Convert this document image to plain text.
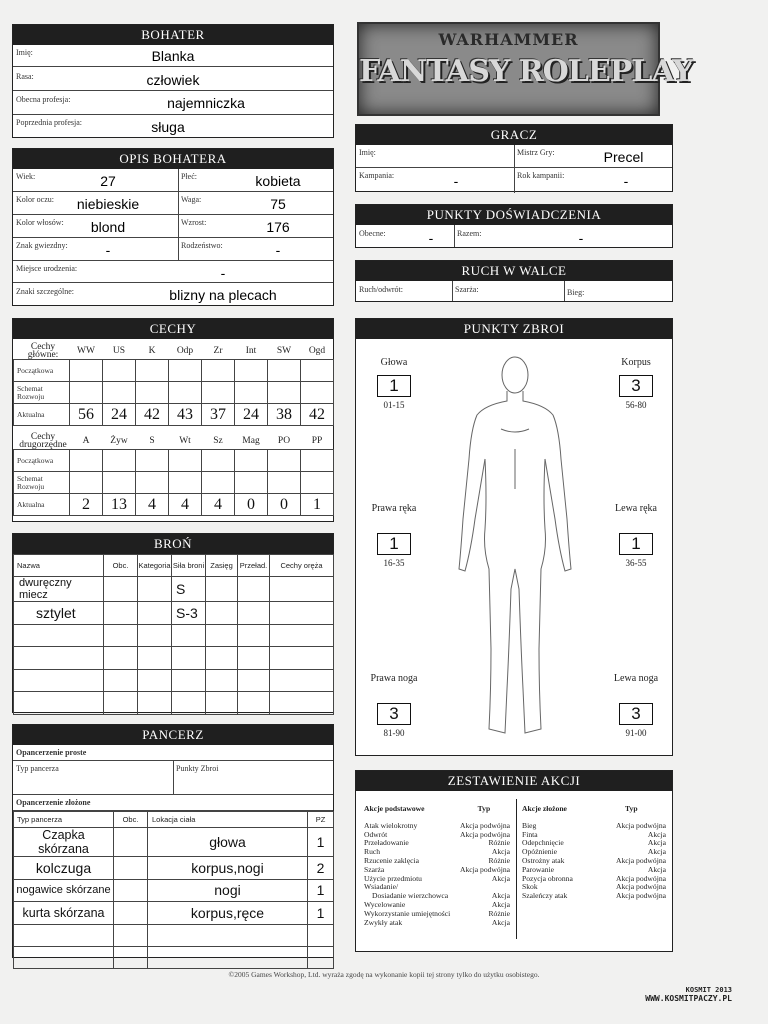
BOHATER
Imię:	Blanka
Rasa:	człowiek
Obecna profesja:	najemniczka
Poprzednia profesja:	sługa
OPIS BOHATERA
Wiek:	27	Płeć:	kobieta
Kolor oczu:	niebieskie	Waga:	75
Kolor włosów:	blond	Wzrost:	176
Znak gwiezdny:	-	Rodzeństwo:	-
Miejsce urodzenia:	-
Znaki szczególne:	blizny na plecach
CECHY
Cechy główne:	WW	US	K	Odp	Zr	Int	SW	Ogd
Początkowa								
Schemat Rozwoju								
Aktualna	56	24	42	43	37	24	38	42
Cechy drugorzędne	A	Żyw	S	Wt	Sz	Mag	PO	PP
Początkowa								
Schemat Rozwoju								
Aktualna	2	13	4	4	4	0	0	1
BROŃ
Nazwa	Obc.	Kategoria	Siła broni	Zasięg	Przeład.	Cechy oręża
dwuręczny miecz			S			
sztylet			S-3			

PANCERZ
Opancerzenie proste
Typ pancerza	Punkty Zbroi
Opancerzenie złożone
Typ pancerza	Obc.	Lokacja ciała	PZ
Czapka skórzana		głowa	1
kolczuga		korpus,nogi	2
nogawice skórzane		nogi	1
kurta skórzana		korpus,ręce	1

WARHAMMER
FANTASY ROLEPLAY
GRACZ
Imię:	Mistrz Gry:	Precel
Kampania:	-	Rok kampanii:	-
PUNKTY DOŚWIADCZENIA
Obecne:	-	Razem:	-
RUCH W WALCE
Ruch/odwrót:	Szarża:	Bieg:
PUNKTY ZBROI
Głowa
1
01-15
Korpus
3
56-80
Prawa ręka
1
16-35
Lewa ręka
1
36-55
Prawa noga
3
81-90
Lewa noga
3
91-00
ZESTAWIENIE AKCJI
Akcje podstawowe	Typ
Atak wielokrotny	Akcja podwójna
Odwrót	Akcja podwójna
Przeładowanie	Różnie
Ruch	Akcja
Rzucenie zaklęcia	Różnie
Szarża	Akcja podwójna
Użycie przedmiotu	Akcja
Wsiadanie/	
Dosiadanie wierzchowca	Akcja
Wycelowanie	Akcja
Wykorzystanie umiejętności	Różnie
Zwykły atak	Akcja
Akcje złożone	Typ
Bieg	Akcja podwójna
Finta	Akcja
Odepchnięcie	Akcja
Opóźnienie	Akcja
Ostrożny atak	Akcja podwójna
Parowanie	Akcja
Pozycja obronna	Akcja podwójna
Skok	Akcja podwójna
Szaleńczy atak	Akcja podwójna
©2005 Games Workshop, Ltd. wyraża zgodę na wykonanie kopii tej strony tylko do użytku osobistego.
KOSMIT 2013
WWW.KOSMITPACZY.PL
